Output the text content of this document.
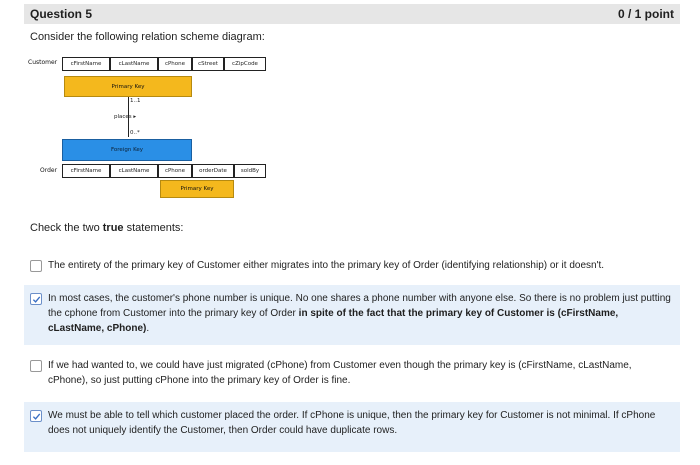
Question 5	0 / 1 point
Consider the following relation scheme diagram:
Customer	cFirstName	cLastName	cPhone	cStreet	cZipCode
Primary Key
1..1
places ▸
0..*
Foreign Key
Order	cFirstName	cLastName	cPhone	orderDate	soldBy
Primary Key
Check the two true statements:
The entirety of the primary key of Customer either migrates into the primary key of Order (identifying relationship) or it doesn't.
In most cases, the customer's phone number is unique. No one shares a phone number with anyone else. So there is no problem just putting the cphone from Customer into the primary key of Order in spite of the fact that the primary key of Customer is (cFirstName, cLastName, cPhone).
If we had wanted to, we could have just migrated (cPhone) from Customer even though the primary key is (cFirstName, cLastName, cPhone), so just putting cPhone into the primary key of Order is fine.
We must be able to tell which customer placed the order. If cPhone is unique, then the primary key for Customer is not minimal. If cPhone does not uniquely identify the Customer, then Order could have duplicate rows.
